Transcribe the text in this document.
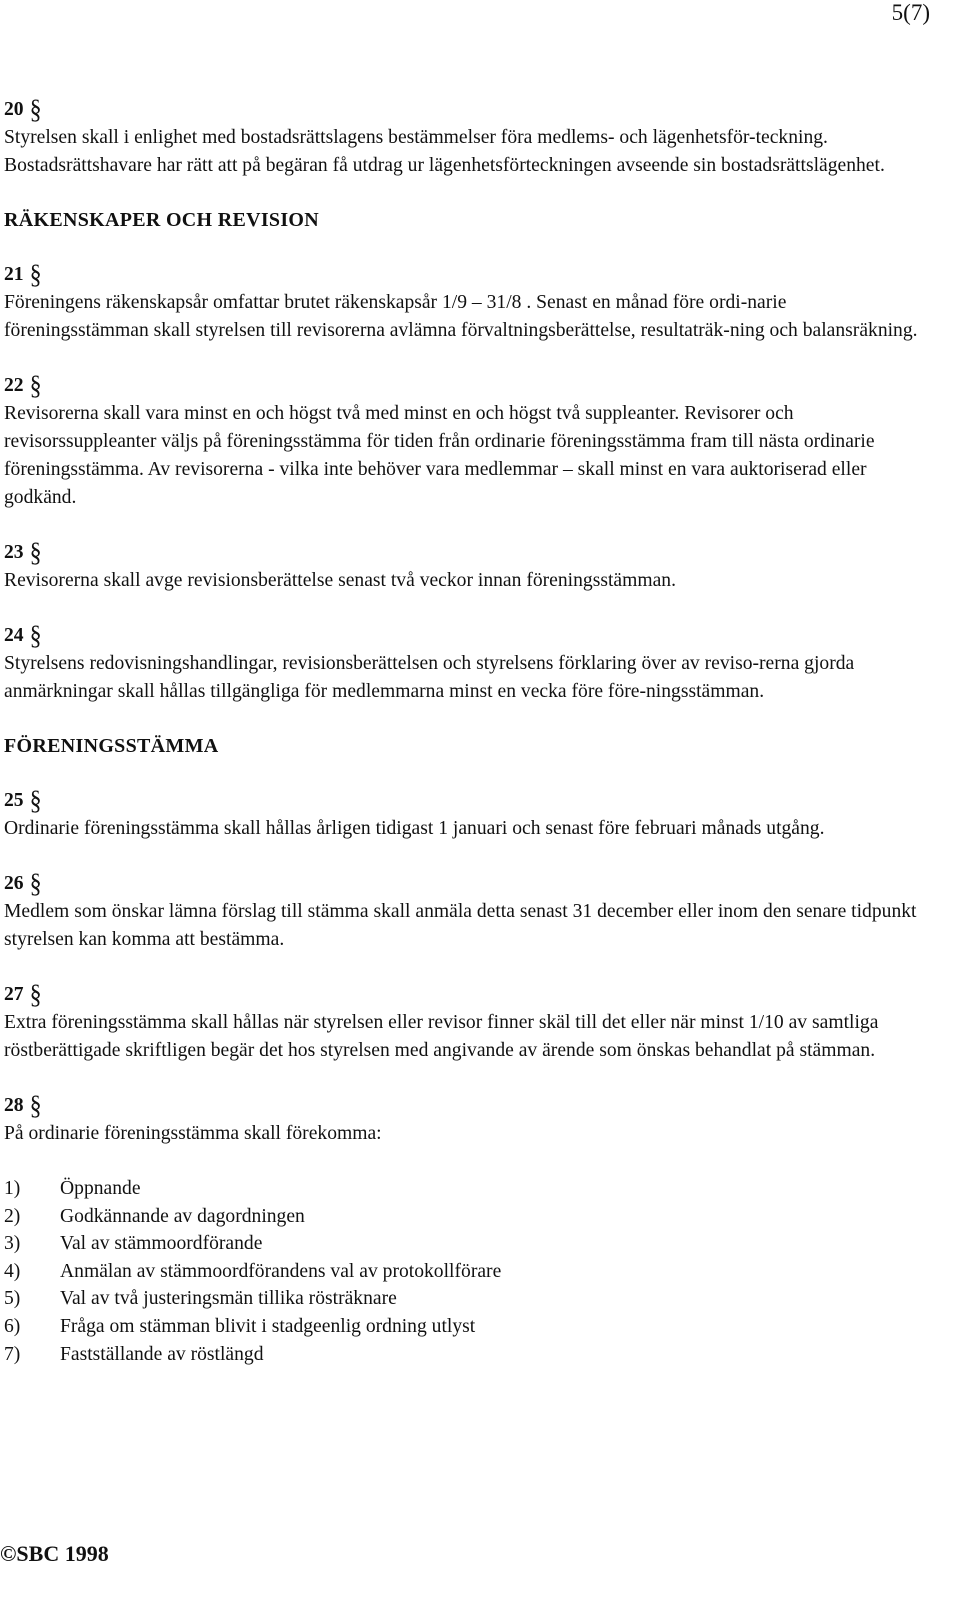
5(7)
20 §

Styrelsen skall i enlighet med bostadsrättslagens bestämmelser föra medlems- och lägenhetsför-teckning. Bostadsrättshavare har rätt att på begäran få utdrag ur lägenhetsförteckningen avseende sin bostadsrättslägenhet.

RÄKENSKAPER OCH REVISION
21 §

Föreningens räkenskapsår omfattar brutet räkenskapsår 1/9 – 31/8 . Senast en månad före ordi-narie föreningsstämman skall styrelsen till revisorerna avlämna förvaltningsberättelse, resultaträk-ning och balansräkning.

22 §

Revisorerna skall vara minst en och högst två med minst en och högst två suppleanter. Revisorer och revisorssuppleanter väljs på föreningsstämma för tiden från ordinarie föreningsstämma fram till nästa ordinarie föreningsstämma. Av revisorerna - vilka inte behöver vara medlemmar – skall minst en vara auktoriserad eller godkänd.

23 §

Revisorerna skall avge revisionsberättelse senast två veckor innan föreningsstämman.

24 §

Styrelsens redovisningshandlingar, revisionsberättelsen och styrelsens förklaring över av reviso-rerna gjorda anmärkningar skall hållas tillgängliga för medlemmarna minst en vecka före före-ningsstämman.

FÖRENINGSSTÄMMA
25 §

Ordinarie föreningsstämma skall hållas årligen tidigast 1 januari och senast före februari månads utgång.

26 §

Medlem som önskar lämna förslag till stämma skall anmäla detta senast 31 december eller inom den senare tidpunkt styrelsen kan komma att bestämma.

27 §

Extra föreningsstämma skall hållas när styrelsen eller revisor finner skäl till det eller när minst 1/10 av samtliga röstberättigade skriftligen begär det hos styrelsen med angivande av ärende som önskas behandlat på stämman.

28 §

På ordinarie föreningsstämma skall förekomma:

1)	Öppnande
2)	Godkännande av dagordningen
3)	Val av stämmoordförande
4)	Anmälan av stämmoordförandens val av protokollförare
5)	Val av två justeringsmän tillika rösträknare
6)	Fråga om stämman blivit i stadgeenlig ordning utlyst
7)	Fastställande av röstlängd
©SBC 1998
